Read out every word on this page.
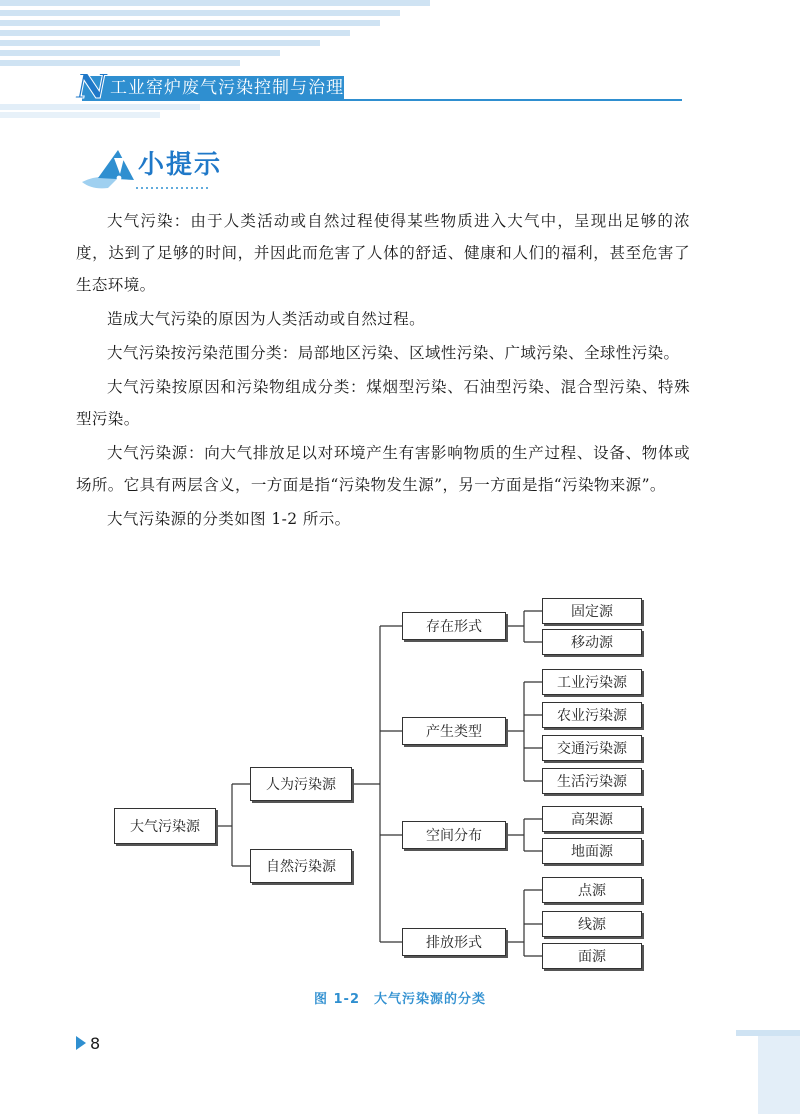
N 工业窑炉废气污染控制与治理
小提示

大气污染：由于人类活动或自然过程使得某些物质进入大气中，呈现出足够的浓度，达到了足够的时间，并因此而危害了人体的舒适、健康和人们的福利，甚至危害了生态环境。

造成大气污染的原因为人类活动或自然过程。

大气污染按污染范围分类：局部地区污染、区域性污染、广域污染、全球性污染。

大气污染按原因和污染物组成分类：煤烟型污染、石油型污染、混合型污染、特殊型污染。

大气污染源：向大气排放足以对环境产生有害影响物质的生产过程、设备、物体或场所。它具有两层含义，一方面是指“污染物发生源”，另一方面是指“污染物来源”。

大气污染源的分类如图 1-2 所示。

大气污染源
人为污染源
自然污染源
存在形式
产生类型
空间分布
排放形式
固定源
移动源
工业污染源
农业污染源
交通污染源
生活污染源
高架源
地面源
点源
线源
面源
图 1-2　大气污染源的分类
8
